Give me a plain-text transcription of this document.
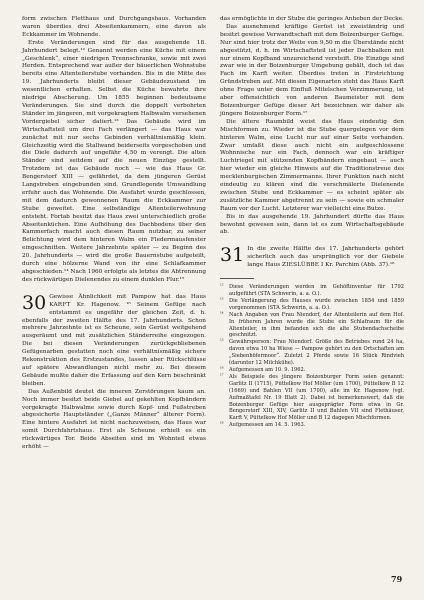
form zwischen Fletthaus und Durchgangshaus. Vorhanden waren überdies drei Abseitenkammern, eine davon als Eckkammer im Wohnende.

Erste Veränderungen sind für das ausgehende 18. Jahrhundert belegt.¹² Genannt werden eine Küche mit einem „Geschlenk“, einer niedrigen Trennschranke, sowie mit zwei Herden. Entsprechend war außer der bäuerlichen Wohnstube bereits eine Altenteilerstube vorhanden. Bis in die Mitte des 19. Jahrhunderts bleibt dieser Gebäudezustand im wesentlichen erhalten. Selbst die Küche bewahrte ihre niedrige Abscherung. Um 1855 beginnen bedeutsame Veränderungen. Sie sind durch die doppelt verbohrten Ständer im jüngeren, mit vorgekragtem Halbwalm versehenen Vordergiebel sicher datiert.¹³ Das Gebäude wird im Wirtschaftsteil um drei Fach verlängert — das Haus war zunächst mit nur sechs Gebinden verhältnismäßig klein. Gleichzeitig wird die Stallwand beiderseits vorgeschoben und die Diele dadurch auf ungefähr 4,50 m verengt. Die alten Ständer sind seitdem auf die neuen Einzüge gestellt. Trotzdem ist das Gebäude noch — wie das Haus Gr. Bengerstorf XIII — gefährdet, da dem jüngeren Gerüst Langstreben eingebunden sind. Grundlegende Umwandlung erfuhr auch das Wohnende. Die Ausfahrt wurde geschlossen, mit dem dadurch gewonnenen Raum die Eckkammer zur Stube geweitet. Eine selbständige Altenteilerwohnung entsteht. Fortab besitzt das Haus zwei unterschiedlich große Abseitenküchen. Eine Aufhöhung des Dachbodens über den Kammerfach macht auch diesen Raum nutzbar, zu seiner Belichtung wird dem hinteren Walm ein Fledermausfenster eingeschnitten. Weitere Jahrzehnte später — zu Beginn des 20. Jahrhunderts — wird die große Bauernstube aufgeteilt, durch eine hölzerne Wand von ihr eine Schlafkammer abgeschieden.¹⁴ Nach 1960 erfolgte als letztes die Abtrennung des rückwärtigen Dielenendes zu einem dunklen Flur.¹⁵

30 Gewisse Ähnlichkeit mit Pampow hat das Haus KARFT Kr. Hagenow. ¹⁶ Seinem Gefüge nach entstammt es ungefähr der gleichen Zeit, d. h. ebenfalls der zweiten Hälfte des 17. Jahrhunderts. Schon mehrere Jahrzehnte ist es Scheune, sein Gerüst weitgehend ausgeräumt und mit zusätzlichen Ständerreihe eingezogen. Die bei diesen Veränderungen zurückgebliebenen Gefügenarben gestatten noch eine verhältnismäßig sichere Rekonstruktion des Erstzustandes, lassen aber Rückschlüsse auf spätere Abwandlungen nicht mehr zu. Bei diesem Gebäude mußte daher die Erfassung auf den Kern beschränkt bleiben.

Das Außenbild deutet die inneren Zerstörungen kaum an. Noch immer besitzt beide Giebel auf gekehlten Kopfbändern vorgekragte Halbwalme sowie durch Kopf- und Fußstreben abgesicherte Hauptständer („Ganze Männer“ älterer Form). Eine hintere Ausfahrt ist nicht nachzuweisen, das Haus war somit Durchfahrtshaus. Erst als Scheune erhielt es ein rückwärtiges Tor. Beide Abseiten sind im Wohnteil etwas erhöht —

das ermöglichte in der Stube die geringes Anheben der Decke.

Das ausnehmend kräftige Gerüst ist zweiständrig und besitzt gewisse Verwandtschaft mit dem Boizenburger Gefüge. Nur sind hier trotz der Weite von 9,50 m die Überstände nicht abgestützt, d. h. im Wirtschaftsteil ist jeder Dachbalken mit nur einem Kopfband unzureichend versteift. Die Einzüge sind zwar wie in der Boizenburger Umgebung gebält, doch ist das Fach im Karft weiter. Überdies treten in Firstrichtung Gründstreben auf. Mit diesen Eigenarten steht das Haus Karft ohne Frage unter dem Einfluß Mitelschen Verzimmerung, ist aber offensichtlich von anderen Baumeister mit dem Boizenburger Gefüge dieser Art bezeichnen wir daher als jüngere Boizenburger Form.¹⁷

Die ältere Raumbild weist das Haus eindeutig den Mischformen zu. Wieder ist die Stube quergelegen vor dem hinteren Walm, eine Lucht nur auf einer Seite vorhanden. Zwar umfaßt diese auch nicht ein aufgeschlossene Wohnnische nur ein Fach, dennoch war ein kräftiger Luchtriegel mit stützenden Kopfbändern eingebaut — auch hier wieder ein gleiche Hinweis auf die Traditionstreue des mecklenburgischen Zimmermanns. Ihrer Funktion nach nicht eindeutig zu klären sind die verschmälerte Dielenende zwischen Stube und Eckkammer — es scheint später als zusätzliche Kammer abgetrennt zu sein — sowie ein schmaler Raum vor der Lucht. Letzterer war vielleicht eine Butze.

Bis in das ausgehende 19. Jahrhundert dürfte das Haus bewohnt gewesen sein, dann ist es zum Wirtschaftsgebäude ab.

31 In die zweite Hälfte des 17. Jahrhunderts gehört sicherlich auch das ursprünglich vor der Giebele lange Haus ZIESLÜBBE I Kr. Parchim (Abb. 37).¹⁸

¹² Diese Veränderungen werden im Gehöftinventar für 1792 aufgeführt (STA Schwerin, a. a. O.).
¹³ Die Verlängerung des Hauses wurde zwischen 1854 und 1859 vorgenommen (STA Schwerin, a. a. O.).
¹⁴ Nach Angaben von Frau Niendorf, der Altenteilerin auf dem Hof. In früheren Jahren wurde die Stube ein Schlafraum für die Altenteiler, in ihm befanden sich die alte Stubendachscheibe geschnitzt.
¹⁵ Gewährsperson: Frau Niendorf. Größe des Betriebes rund 24 ha, davon etwa 10 ha Wiese — Pampow gehört zu den Ortschaften am „Siebenhöfermoor“. Zuletzt 2 Pferde sowie 16 Stück Rindvieh (darunter 12 Milchkühe).
¹⁶ Aufgemessen am 10. 9. 1962.
¹⁷ Als Beispiele des jüngere Boizenburger Form seien genannt: Garlitz II (1715), Püttelkow Hof Möller (um 1700), Püttelkow B 12 (1669) und Bahlen VII (um 1700), alle im Kr. Hagenow (vgl. Aufmaßtafel Nr. 19 Blatt 2). Dabei ist bemerkenswert, daß die Boizenburger Gefüge hier ausgeprägter Form etwa in Gr. Bengerstorf XIII, XIV, Garlitz II und Bahlen VII sind Flethäuser, Karft V, Püttelkow Hof Möller und B 12 dagegen Mischformen.
¹⁸ Aufgemessen am 14. 5. 1963.
79
